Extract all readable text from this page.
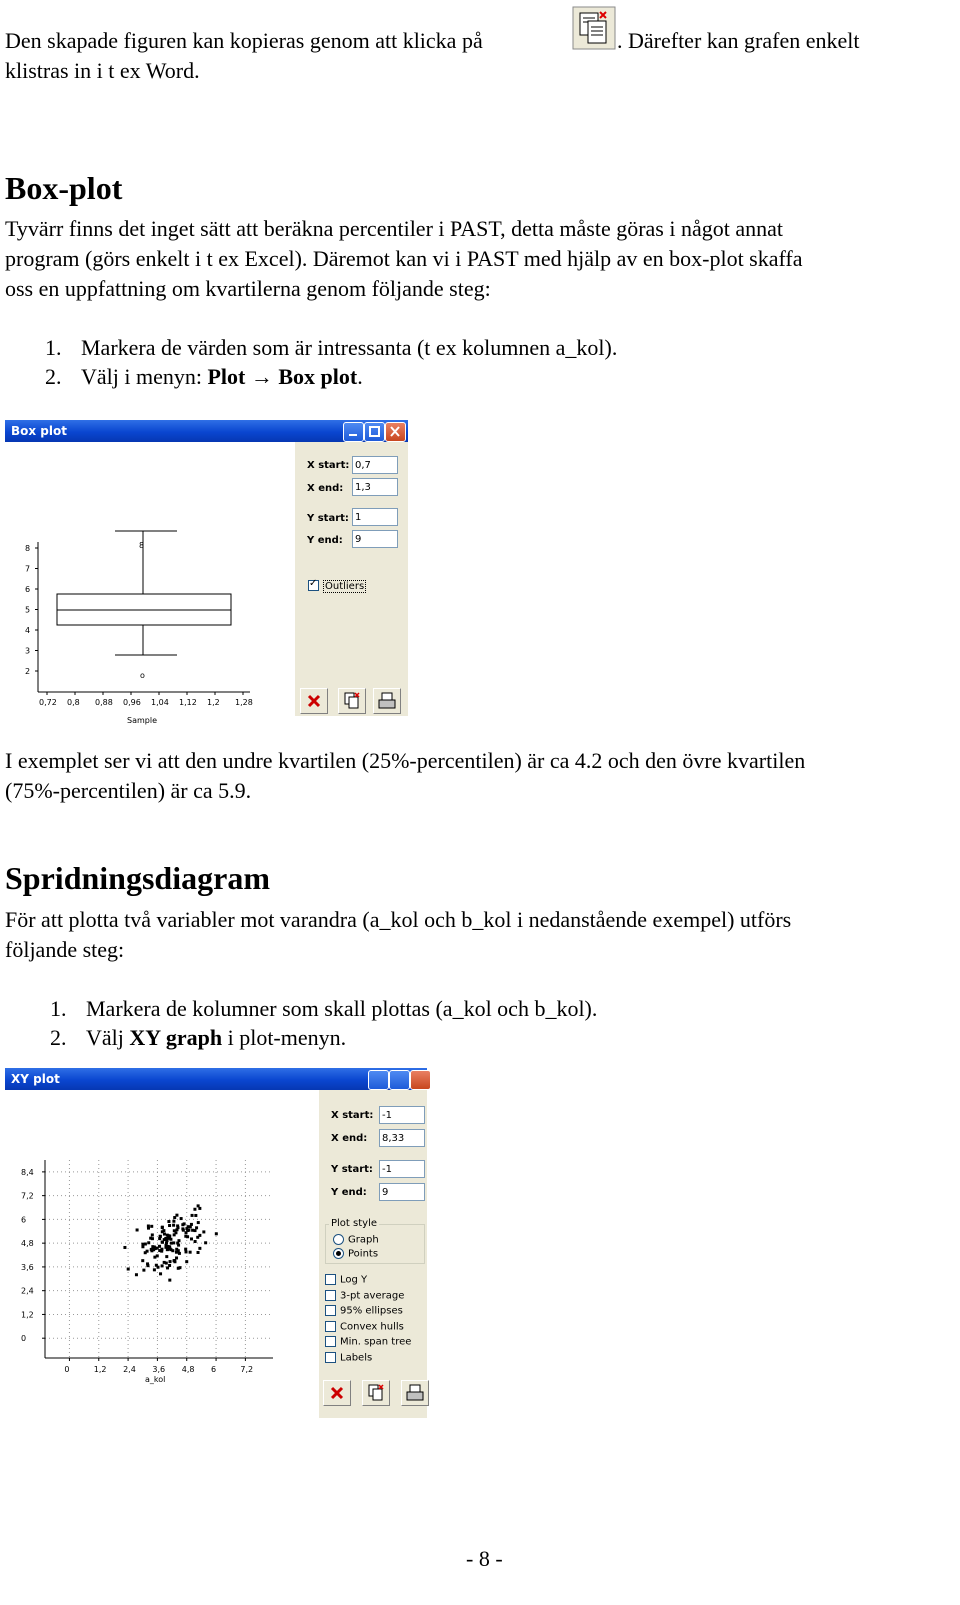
Den skapade figuren kan kopieras genom att klicka på	. Därefter kan grafen enkelt
klistras in i t ex Word.
Box-plot
Tyvärr finns det inget sätt att beräkna percentiler i PAST, detta måste göras i något annat
program (görs enkelt i t ex Excel). Däremot kan vi i PAST med hjälp av en box-plot skaffa
oss en uppfattning om kvartilerna genom följande steg:
1. Markera de värden som är intressanta (t ex kolumnen a_kol).
2. Välj i menyn: Plot → Box plot.
Box plot
2
3
4
5
6
7
8
0,72 0,8 0,88 0,96 1,04 1,12 1,2 1,28
8
o
Sample
X start: 0,7
X end:	1,3
Y start: 1
Y end:	9
✓Outliers
I exemplet ser vi att den undre kvartilen (25%-percentilen) är ca 4.2 och den övre kvartilen
(75%-percentilen) är ca 5.9.
Spridningsdiagram
För att plotta två variabler mot varandra (a_kol och b_kol i nedanstående exempel) utförs
följande steg:
1. Markera de kolumner som skall plottas (a_kol och b_kol).
2. Välj XY graph i plot-menyn.
XY plot
0
1,2
2,4
3,6
4,8
6
7,2
8,4
0	1,2 2,4 3,6 4,8 6	7,2
a_kol
X start: -1
X end:	8,33
Y start: -1
Y end:	9
Plot style
Graph
Points
Log Y
3-pt average
95% ellipses
Convex hulls
Min. span tree
Labels
- 8 -
